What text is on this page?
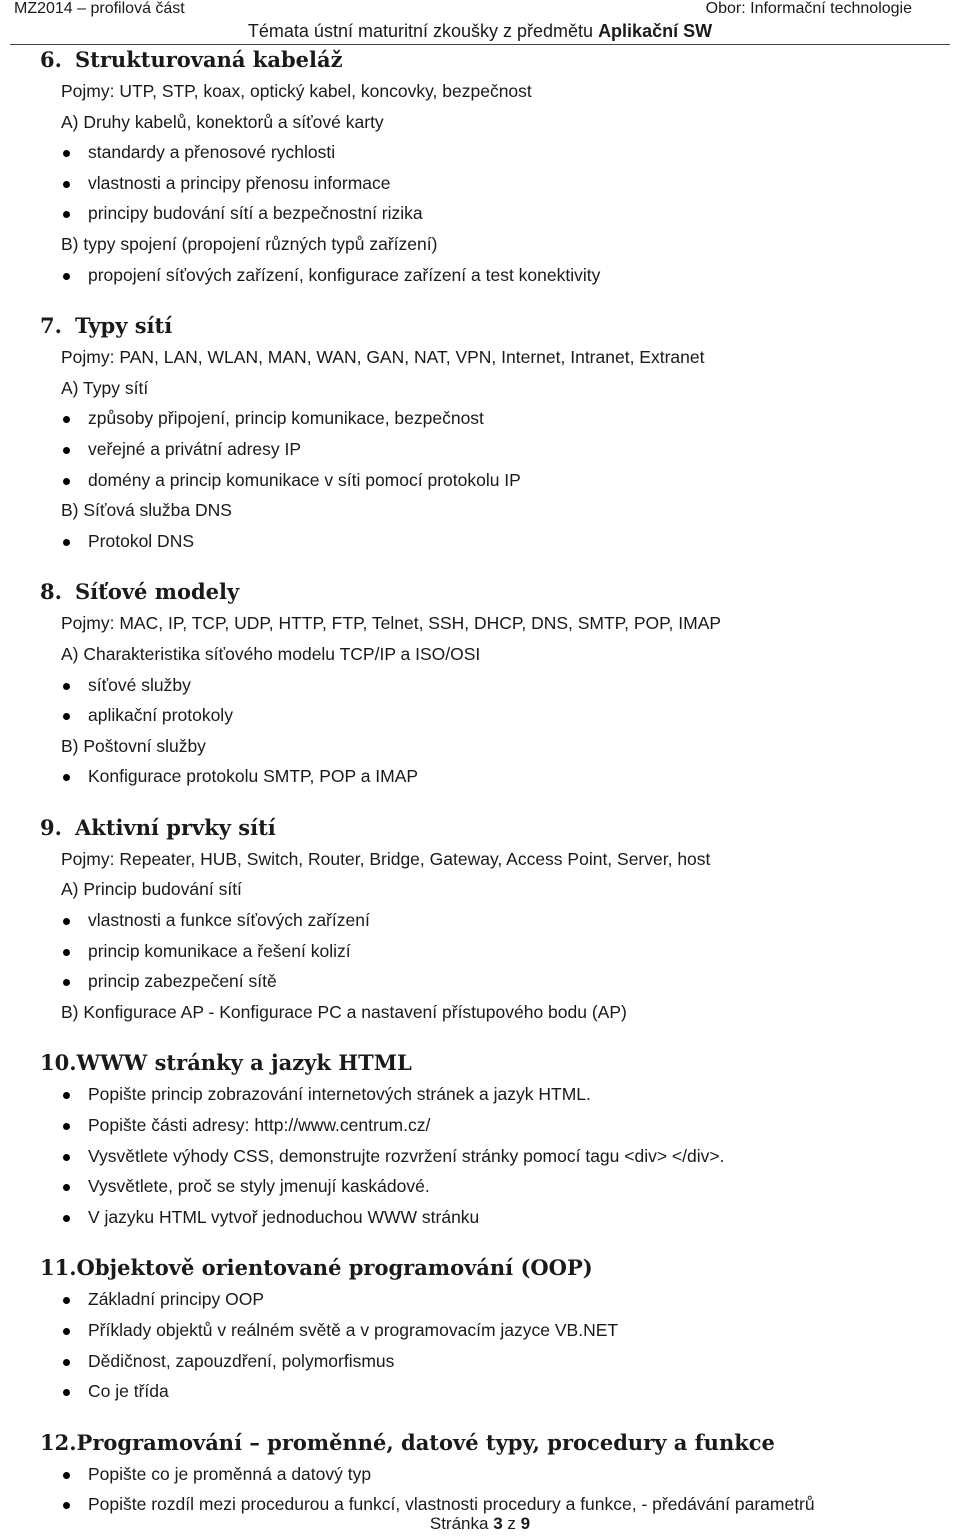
MZ2014 – profilová část	Obor: Informační technologie
Témata ústní maturitní zkoušky z předmětu Aplikační SW
6. Strukturovaná kabeláž
Pojmy: UTP, STP, koax, optický kabel, koncovky, bezpečnost
A) Druhy kabelů, konektorů a síťové karty
standardy a přenosové rychlosti
vlastnosti a principy přenosu informace
principy budování sítí a bezpečnostní rizika
B) typy spojení (propojení různých typů zařízení)
propojení síťových zařízení, konfigurace zařízení a test konektivity
7. Typy sítí
Pojmy: PAN, LAN, WLAN, MAN, WAN, GAN, NAT, VPN, Internet, Intranet, Extranet
A) Typy sítí
způsoby připojení, princip komunikace, bezpečnost
veřejné a privátní adresy IP
domény a princip komunikace v síti pomocí protokolu IP
B) Síťová služba DNS
Protokol DNS
8. Síťové modely
Pojmy: MAC, IP, TCP, UDP, HTTP, FTP, Telnet, SSH, DHCP, DNS, SMTP, POP, IMAP
A) Charakteristika síťového modelu TCP/IP a ISO/OSI
síťové služby
aplikační protokoly
B) Poštovní služby
Konfigurace protokolu SMTP, POP a IMAP
9. Aktivní prvky sítí
Pojmy: Repeater, HUB, Switch, Router, Bridge, Gateway, Access Point, Server, host
A) Princip budování sítí
vlastnosti a funkce síťových zařízení
princip komunikace a řešení kolizí
princip zabezpečení sítě
B) Konfigurace AP - Konfigurace PC a nastavení přístupového bodu (AP)
10. WWW stránky a jazyk HTML
Popište princip zobrazování internetových stránek a jazyk HTML.
Popište části adresy: http://www.centrum.cz/
Vysvětlete výhody CSS, demonstrujte rozvržení stránky pomocí tagu <div> </div>.
Vysvětlete, proč se styly jmenují kaskádové.
V jazyku HTML vytvoř jednoduchou WWW stránku
11. Objektově orientované programování (OOP)
Základní principy OOP
Příklady objektů v reálném světě a v programovacím jazyce VB.NET
Dědičnost, zapouzdření, polymorfismus
Co je třída
12. Programování – proměnné, datové typy, procedury a funkce
Popište co je proměnná a datový typ
Popište rozdíl mezi procedurou a funkcí, vlastnosti procedury a funkce, - předávání parametrů
Stránka 3 z 9
